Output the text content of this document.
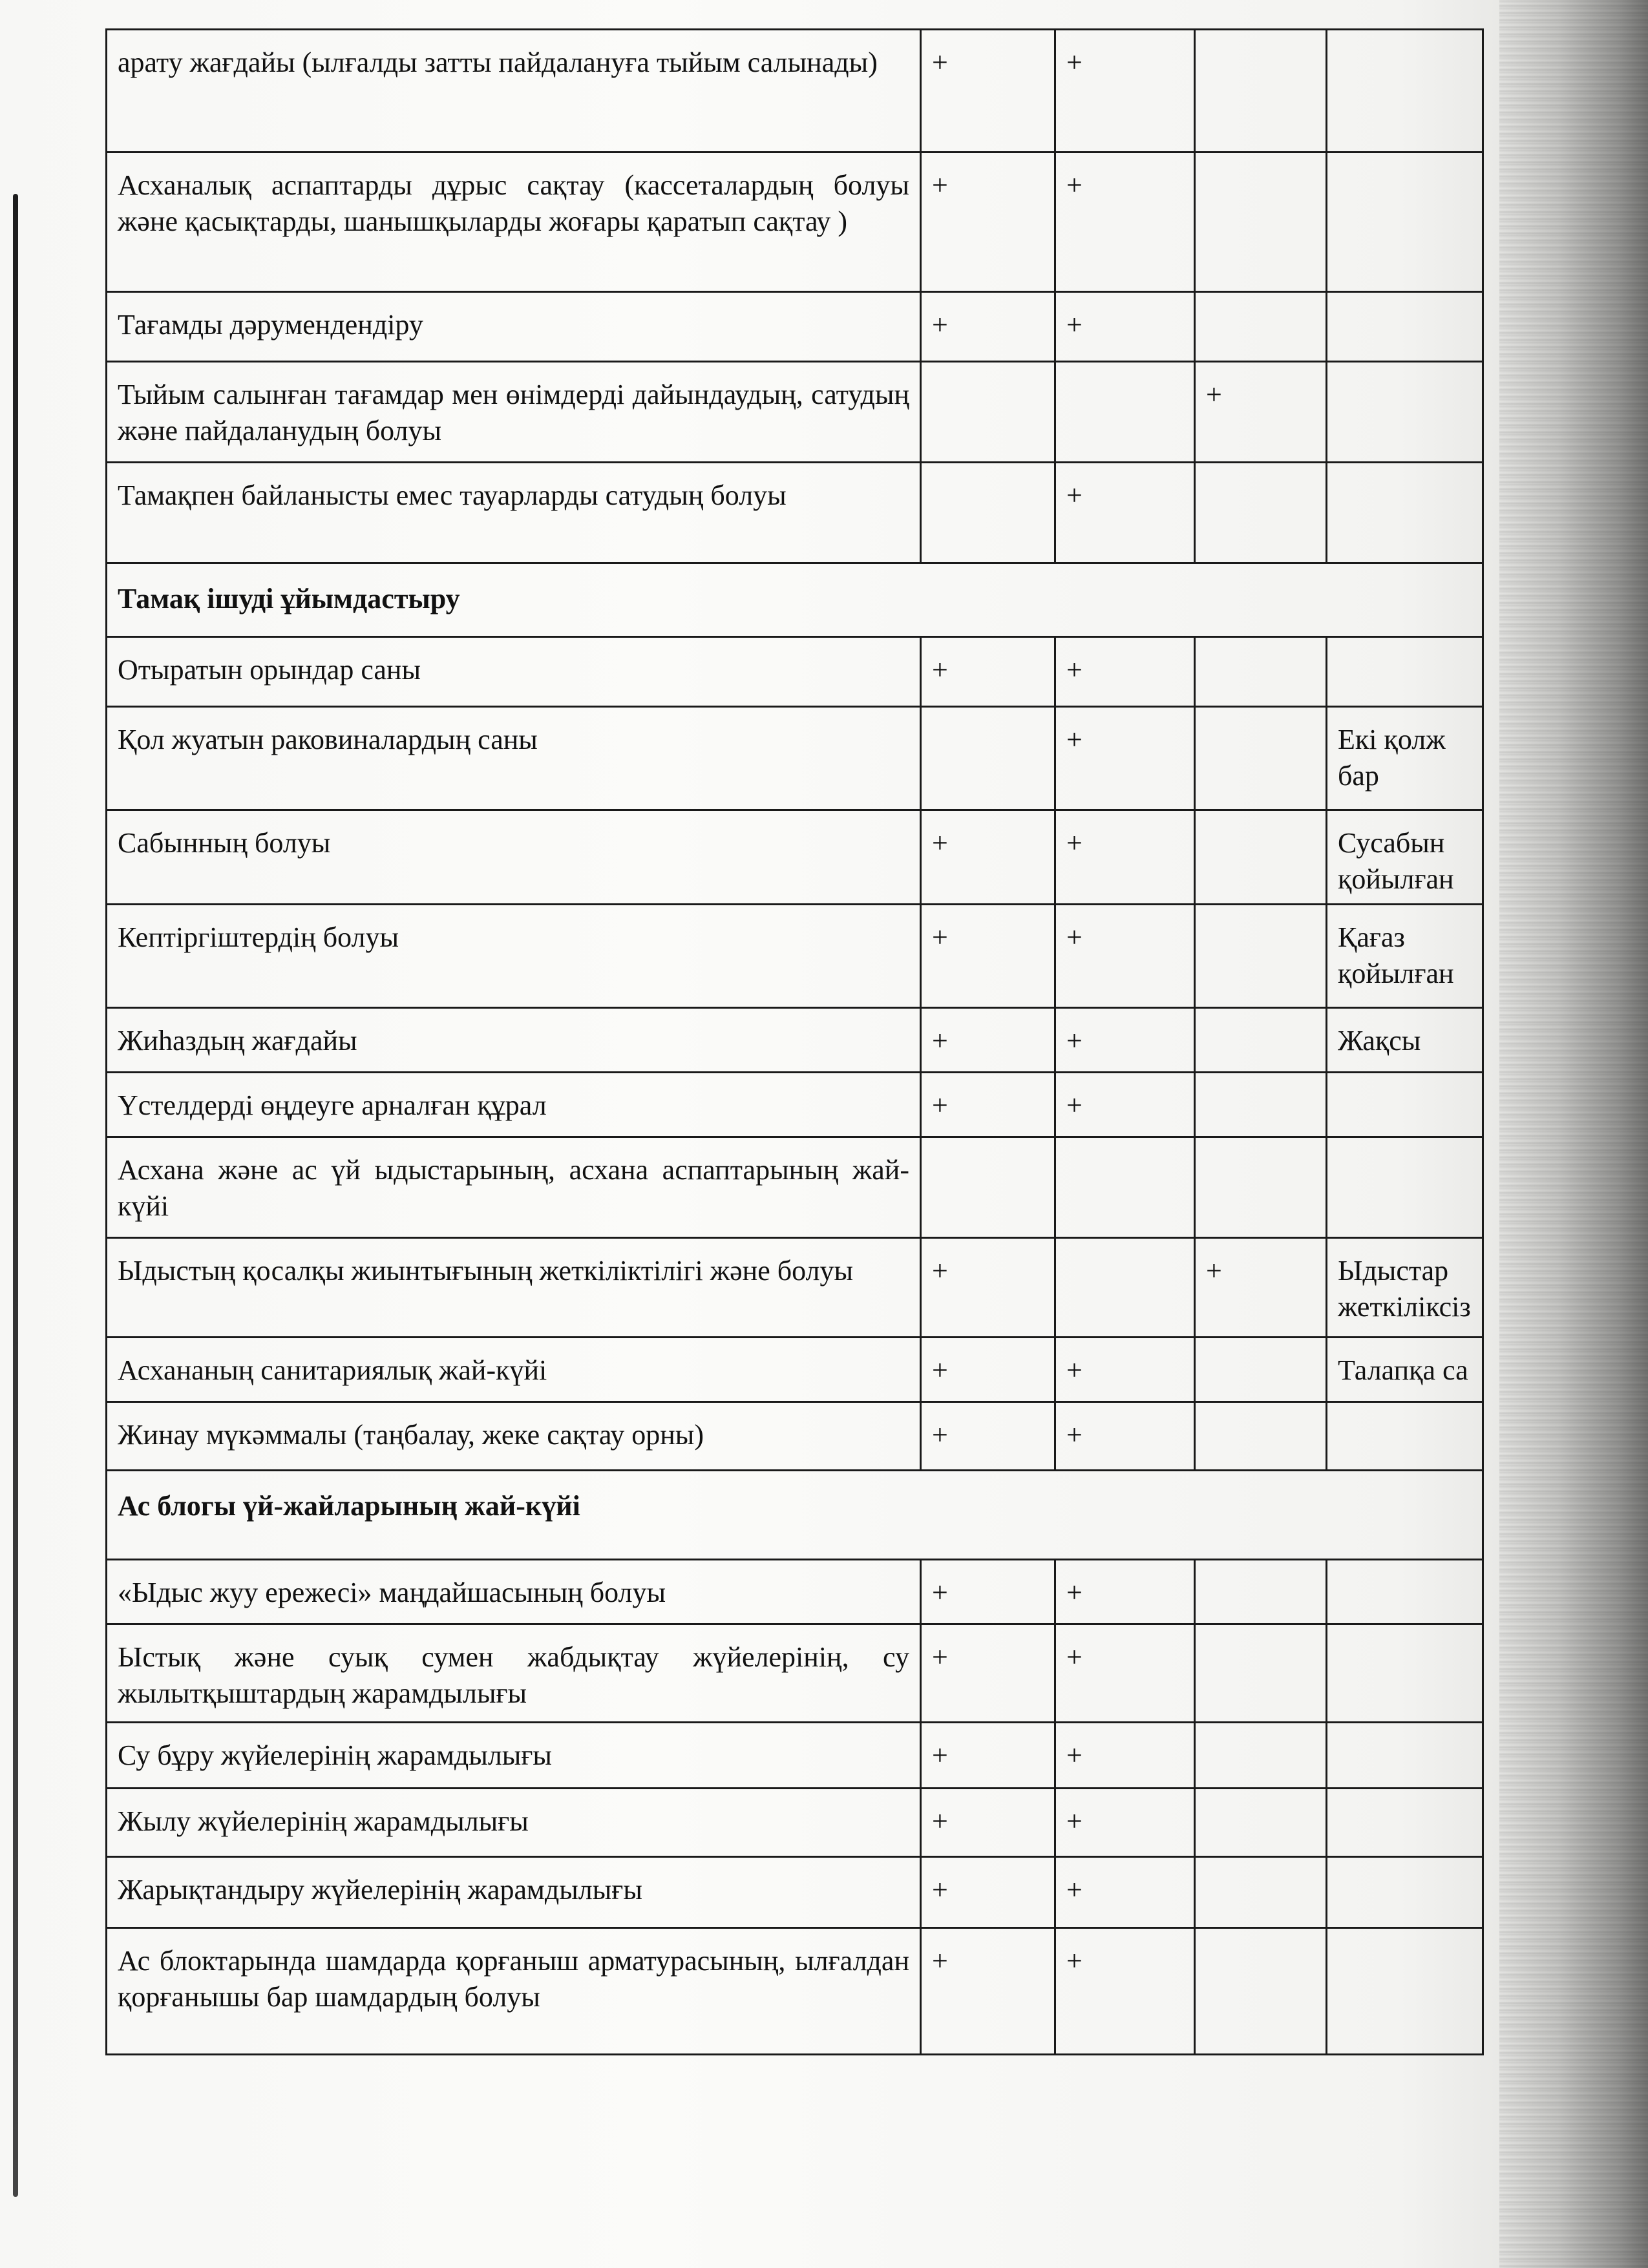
арату жағдайы (ылғалды затты пайдалануға тыйым салынады)	+	+		
Асханалық аспаптарды дұрыс сақтау (кассеталардың болуы және қасықтарды, шанышқыларды жоғары қаратып сақтау )	+	+		
Тағамды дәрумендендіру	+	+		
Тыйым салынған тағамдар мен өнімдерді дайындаудың, сатудың және пайдаланудың болуы			+	
Тамақпен байланысты емес тауарларды сатудың болуы		+		
Тамақ ішуді ұйымдастыру				
Отыратын орындар саны	+	+		
Қол жуатын раковиналардың саны		+		Екі қолж
бар
Сабынның болуы	+	+		Сусабын
қойылған
Кептіргіштердің болуы	+	+		Қағаз
қойылған
Жиһаздың жағдайы	+	+		Жақсы
Үстелдерді өңдеуге арналған құрал	+	+		
Асхана және ас үй ыдыстарының, асхана аспаптарының жай-күйі				
Ыдыстың қосалқы жиынтығының жеткіліктілігі және болуы	+		+	Ыдыстар
жеткіліксіз
Асхананың санитариялық жай-күйі	+	+		Талапқа са
Жинау мүкәммалы (таңбалау, жеке сақтау орны)	+	+		
Ас блогы үй-жайларының жай-күйі				
«Ыдыс жуу ережесі» маңдайшасының болуы	+	+		
Ыстық және суық сумен жабдықтау жүйелерінің, су жылытқыштардың жарамдылығы	+	+		
Су бұру жүйелерінің жарамдылығы	+	+		
Жылу жүйелерінің жарамдылығы	+	+		
Жарықтандыру жүйелерінің жарамдылығы	+	+		
Ас блоктарында шамдарда қорғаныш арматурасының, ылғалдан қорғанышы бар шамдардың болуы	+	+		
